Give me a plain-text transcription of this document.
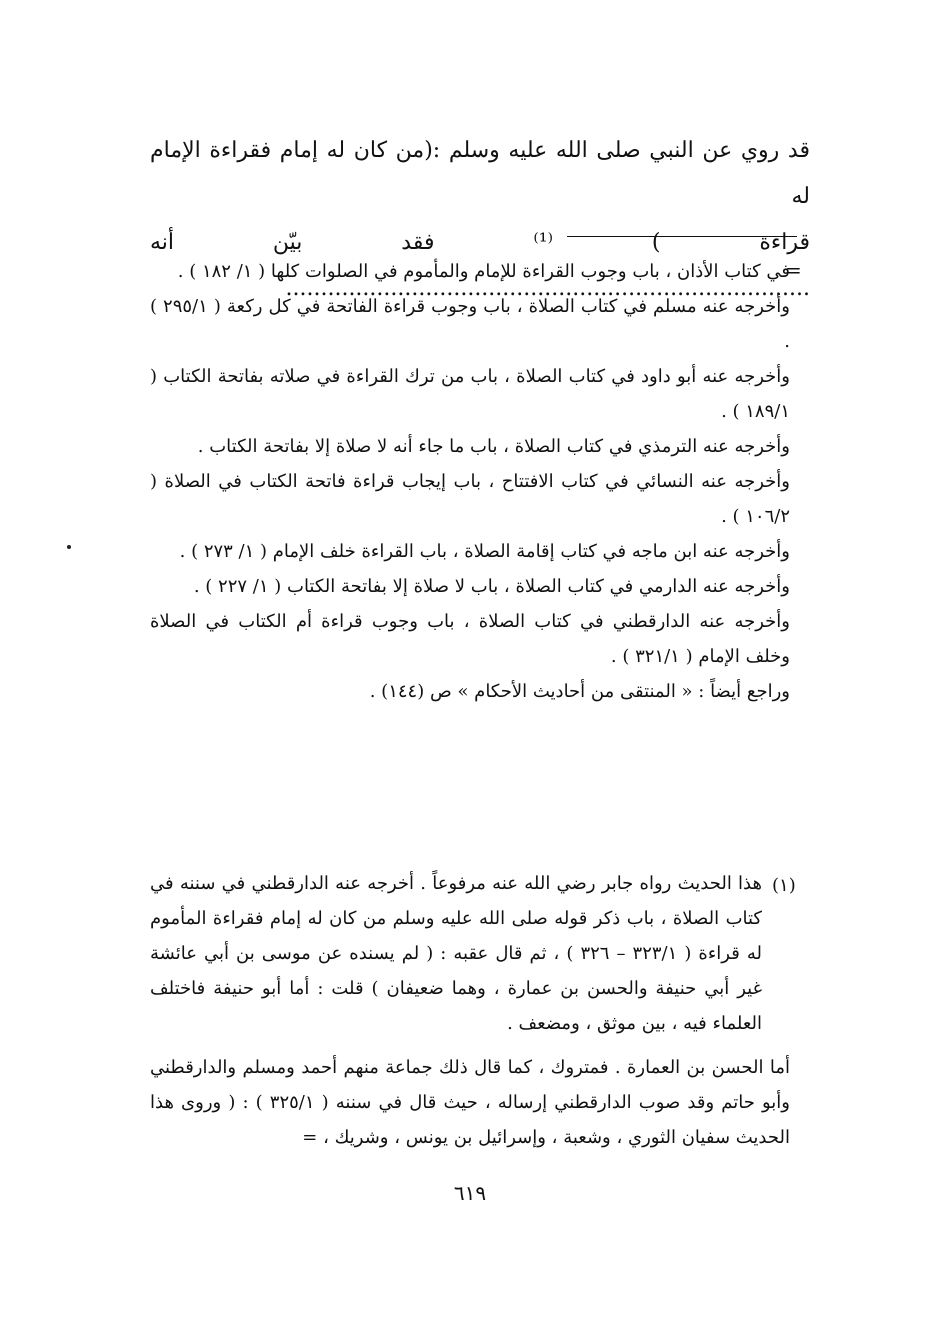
قد روي عن النبي صلى الله عليه وسلم :(من كان له إمام فقراءة الإمام له
قراءة ) ⁽¹⁾ فقد بيّن أنه ...........................................................................
=

في كتاب الأذان ، باب وجوب القراءة للإمام والمأموم في الصلوات كلها ( ١/ ١٨٢ ) .

وأخرجه عنه مسلم في كتاب الصلاة ، باب وجوب قراءة الفاتحة في كل ركعة ( ٢٩٥/١ ) .

وأخرجه عنه أبو داود في كتاب الصلاة ، باب من ترك القراءة في صلاته بفاتحة الكتاب ( ١٨٩/١ ) .

وأخرجه عنه الترمذي في كتاب الصلاة ، باب ما جاء أنه لا صلاة إلا بفاتحة الكتاب .

وأخرجه عنه النسائي في كتاب الافتتاح ، باب إيجاب قراءة فاتحة الكتاب في الصلاة ( ١٠٦/٢ ) .

وأخرجه عنه ابن ماجه في كتاب إقامة الصلاة ، باب القراءة خلف الإمام ( ١/ ٢٧٣ ) .

وأخرجه عنه الدارمي في كتاب الصلاة ، باب لا صلاة إلا بفاتحة الكتاب ( ١/ ٢٢٧ ) .

وأخرجه عنه الدارقطني في كتاب الصلاة ، باب وجوب قراءة أم الكتاب في الصلاة وخلف الإمام ( ٣٢١/١ ) .

وراجع أيضاً : « المنتقى من أحاديث الأحكام » ص (١٤٤) .

(١)
هذا الحديث رواه جابر رضي الله عنه مرفوعاً . أخرجه عنه الدارقطني في سننه في كتاب الصلاة ، باب ذكر قوله صلى الله عليه وسلم من كان له إمام فقراءة المأموم له قراءة ( ٣٢٣/١ – ٣٢٦ ) ، ثم قال عقبه : ( لم يسنده عن موسى بن أبي عائشة غير أبي حنيفة والحسن بن عمارة ، وهما ضعيفان ) قلت : أما أبو حنيفة فاختلف العلماء فيه ، بين موثق ، ومضعف .
أما الحسن بن العمارة . فمتروك ، كما قال ذلك جماعة منهم أحمد ومسلم والدارقطني وأبو حاتم وقد صوب الدارقطني إرساله ، حيث قال في سننه ( ٣٢٥/١ ) : ( وروى هذا الحديث سفيان الثوري ، وشعبة ، وإسرائيل بن يونس ، وشريك ، =
٦١٩
